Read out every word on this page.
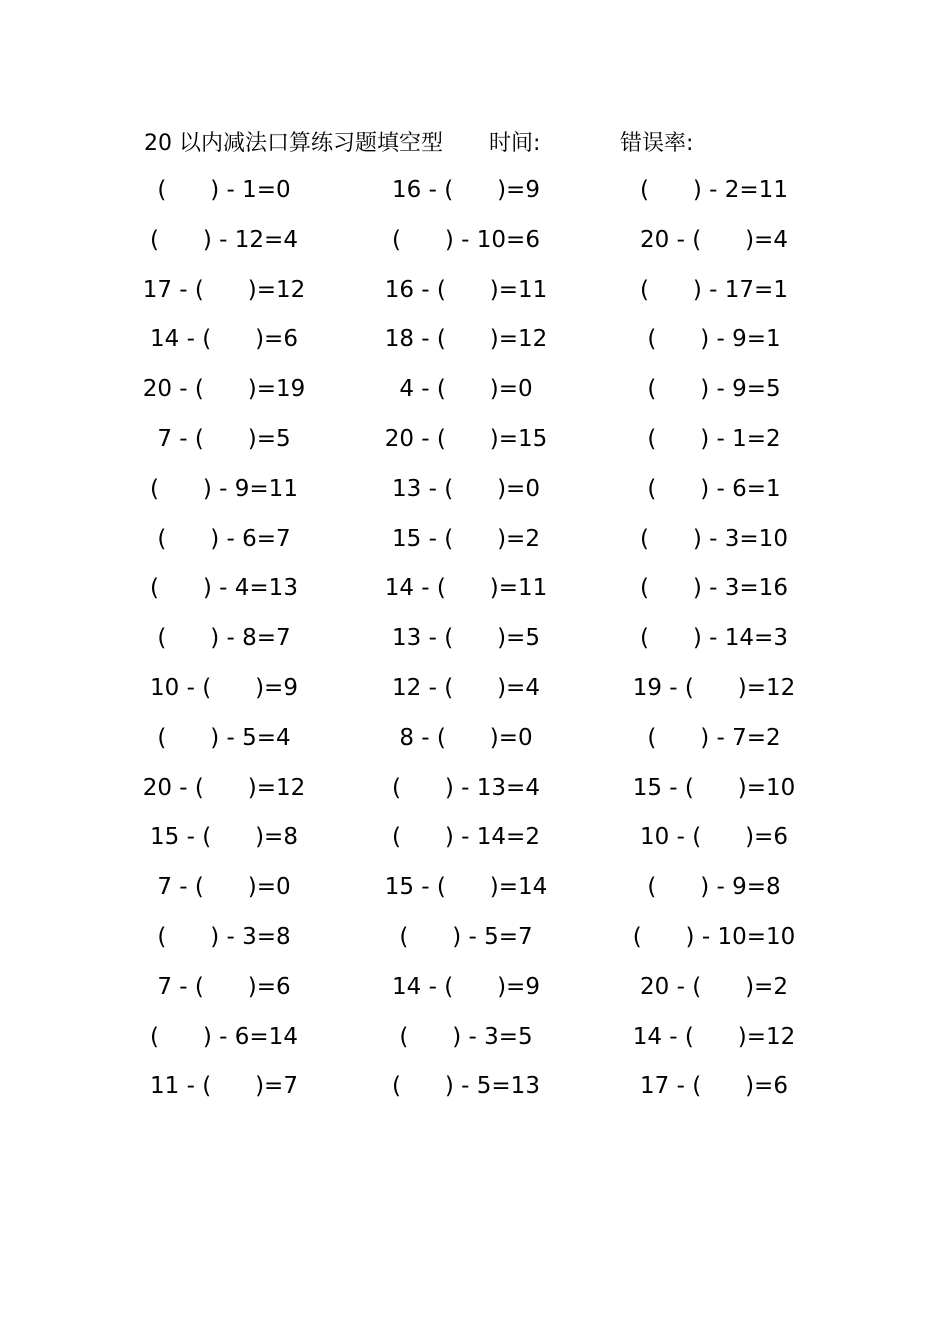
20 以内减法口算练习题填空型 时间:	错误率:
(      ) - 1=0	16 - (      )=9	(      ) - 2=11
(      ) - 12=4	(      ) - 10=6	20 - (      )=4
17 - (      )=12	16 - (      )=11	(      ) - 17=1
14 - (      )=6	18 - (      )=12	(      ) - 9=1
20 - (      )=19	4 - (      )=0	(      ) - 9=5
7 - (      )=5	20 - (      )=15	(      ) - 1=2
(      ) - 9=11	13 - (      )=0	(      ) - 6=1
(      ) - 6=7	15 - (      )=2	(      ) - 3=10
(      ) - 4=13	14 - (      )=11	(      ) - 3=16
(      ) - 8=7	13 - (      )=5	(      ) - 14=3
10 - (      )=9	12 - (      )=4	19 - (      )=12
(      ) - 5=4	8 - (      )=0	(      ) - 7=2
20 - (      )=12	(      ) - 13=4	15 - (      )=10
15 - (      )=8	(      ) - 14=2	10 - (      )=6
7 - (      )=0	15 - (      )=14	(      ) - 9=8
(      ) - 3=8	(      ) - 5=7	(      ) - 10=10
7 - (      )=6	14 - (      )=9	20 - (      )=2
(      ) - 6=14	(      ) - 3=5	14 - (      )=12
11 - (      )=7	(      ) - 5=13	17 - (      )=6
